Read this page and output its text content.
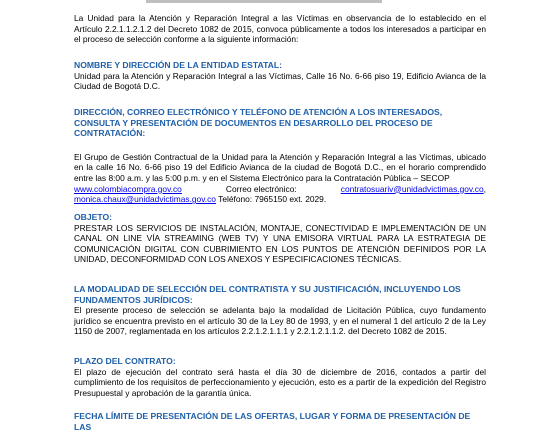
La Unidad para la Atención y Reparación Integral a las Víctimas en observancia de lo establecido en el Artículo 2.2.1.1.2.1.2 del Decreto 1082 de 2015, convoca públicamente a todos los interesados a participar en el proceso de selección conforme a la siguiente información:

NOMBRE Y DIRECCIÓN DE LA ENTIDAD ESTATAL:

Unidad para la Atención y Reparación Integral a las Víctimas, Calle 16 No. 6-66 piso 19, Edificio Avianca de la Ciudad de Bogotá D.C.

DIRECCIÓN, CORREO ELECTRÓNICO Y TELÉFONO DE ATENCIÓN A LOS INTERESADOS, CONSULTA Y PRESENTACIÓN DE DOCUMENTOS EN DESARROLLO DEL PROCESO DE CONTRATACIÓN:

El Grupo de Gestión Contractual de la Unidad para la Atención y Reparación Integral a las Víctimas, ubicado en la calle 16 No. 6-66 piso 19 del Edificio Avianca de la ciudad de Bogotá D.C., en el horario comprendido entre las 8:00 a.m. y las 5:00 p.m. y en el Sistema Electrónico para la Contratación Pública – SECOP

www.colombiacompra.gov.co	Correo electrónico:	contratosuariv@unidadvictimas.gov.co,
monica.chaux@unidadvictimas.gov.co Teléfono: 7965150 ext. 2029.
OBJETO:

PRESTAR LOS SERVICIOS DE INSTALACIÓN, MONTAJE, CONECTIVIDAD E IMPLEMENTACIÓN DE UN CANAL ON LINE VÍA STREAMING (WEB TV) Y UNA EMISORA VIRTUAL PARA LA ESTRATEGIA DE COMUNICACIÓN DIGITAL CON CUBRIMIENTO EN LOS PUNTOS DE ATENCIÓN DEFINIDOS POR LA UNIDAD, DECONFORMIDAD CON LOS ANEXOS Y ESPECIFICACIONES TÉCNICAS.

LA MODALIDAD DE SELECCIÓN DEL CONTRATISTA Y SU JUSTIFICACIÓN, INCLUYENDO LOS FUNDAMENTOS JURÍDICOS:

El presente proceso de selección se adelanta bajo la modalidad de Licitación Pública, cuyo fundamento jurídico se encuentra previsto en el artículo 30 de la Ley 80 de 1993, y en el numeral 1 del artículo 2 de la Ley 1150 de 2007, reglamentada en los artículos 2.2.1.2.1.1.1 y 2.2.1.2.1.1.2. del Decreto 1082 de 2015.

PLAZO DEL CONTRATO:

El plazo de ejecución del contrato será hasta el día 30 de diciembre de 2016, contados a partir del cumplimiento de los requisitos de perfeccionamiento y ejecución, esto es a partir de la expedición del Registro Presupuestal y aprobación de la garantía única.

FECHA LÍMITE DE PRESENTACIÓN DE LAS OFERTAS, LUGAR Y FORMA DE PRESENTACIÓN DE LAS
